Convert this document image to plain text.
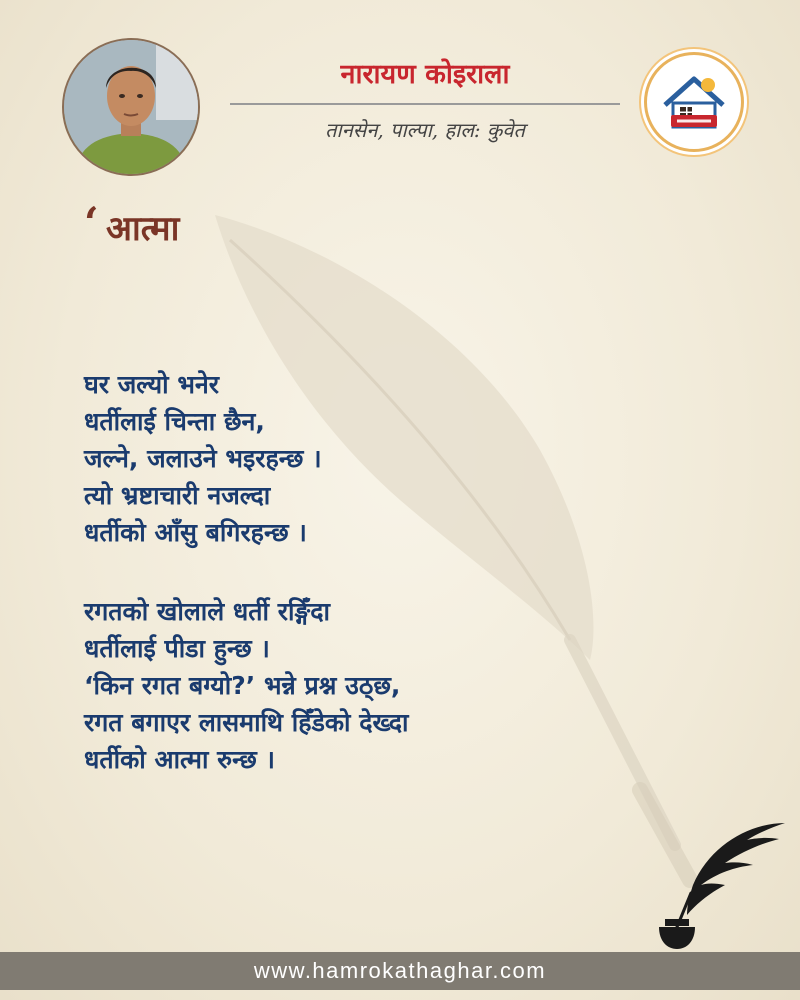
नारायण कोइराला
तानसेन, पाल्पा, हाल: कुवेत
‘ आत्मा
घर जल्यो भनेर
धर्तीलाई चिन्ता छैन,
जल्ने, जलाउने भइरहन्छ ।
त्यो भ्रष्टाचारी नजल्दा
धर्तीको आँसु बगिरहन्छ ।
रगतको खोलाले धर्ती रङ्गिँदा
धर्तीलाई पीडा हुन्छ ।
‘किन रगत बग्यो?’ भन्ने प्रश्न उठ्छ,
रगत बगाएर लासमाथि हिँडेको देख्दा
धर्तीको आत्मा रुन्छ ।
www.hamrokathaghar.com
